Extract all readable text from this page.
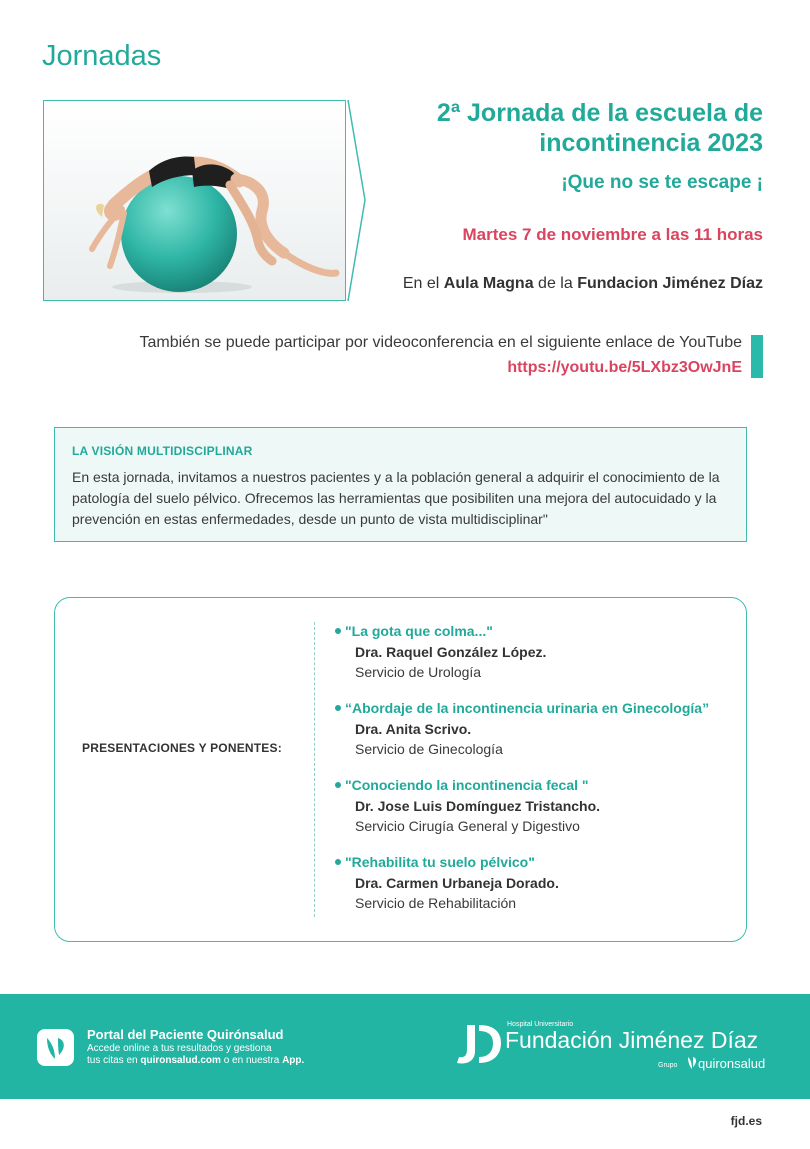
Jornadas
2ª Jornada de la escuela de
incontinencia 2023
¡Que no se te escape ¡
Martes 7 de noviembre a las 11 horas
En el Aula Magna de la Fundacion Jiménez Díaz
También se puede participar por videoconferencia en el siguiente enlace de YouTube
https://youtu.be/5LXbz3OwJnE
LA VISIÓN MULTIDISCIPLINAR
En esta jornada, invitamos a nuestros pacientes y a la población general a adquirir el conocimiento de la patología del suelo pélvico. Ofrecemos las herramientas que posibiliten una mejora del autocuidado y la prevención en estas enfermedades, desde un punto de vista multidisciplinar"
PRESENTACIONES Y PONENTES:
"La gota que colma..."
Dra. Raquel González López.
Servicio de Urología
“Abordaje de la incontinencia urinaria en Ginecología”
Dra. Anita Scrivo.
Servicio de Ginecología
"Conociendo la incontinencia fecal "
Dr. Jose Luis Domínguez Tristancho.
Servicio Cirugía General y Digestivo
"Rehabilita tu suelo pélvico"
Dra. Carmen Urbaneja Dorado.
Servicio de Rehabilitación
Portal del Paciente Quirónsalud
Accede online a tus resultados y gestiona
tus citas en quironsalud.com o en nuestra App.
Hospital Universitario
Fundación Jiménez Díaz
Grupo quironsalud
fjd.es
